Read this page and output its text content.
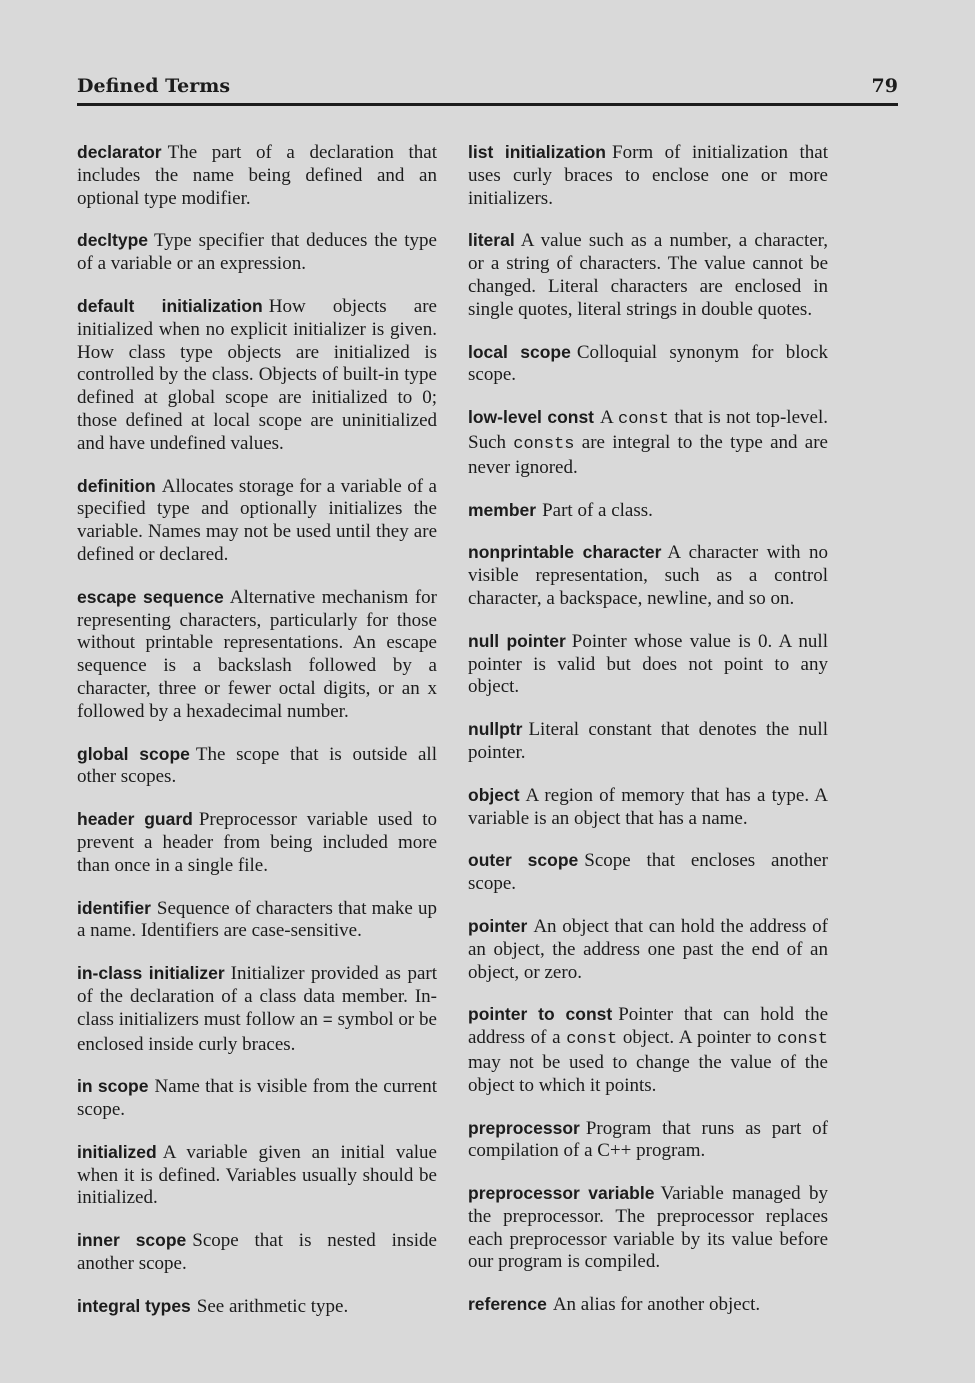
Defined Terms	79

declarator The part of a declaration that includes the name being defined and an optional type modifier.

decltype Type specifier that deduces the type of a variable or an expression.

default initialization How objects are initialized when no explicit initializer is given. How class type objects are initialized is controlled by the class. Objects of built-in type defined at global scope are initialized to 0; those defined at local scope are uninitialized and have undefined values.

definition Allocates storage for a variable of a specified type and optionally initializes the variable. Names may not be used until they are defined or declared.

escape sequence Alternative mechanism for representing characters, particularly for those without printable representations. An escape sequence is a backslash followed by a character, three or fewer octal digits, or an x followed by a hexadecimal number.

global scope The scope that is outside all other scopes.

header guard Preprocessor variable used to prevent a header from being included more than once in a single file.

identifier Sequence of characters that make up a name. Identifiers are case-sensitive.

in-class initializer Initializer provided as part of the declaration of a class data member. In-class initializers must follow an = symbol or be enclosed inside curly braces.

in scope Name that is visible from the current scope.

initialized A variable given an initial value when it is defined. Variables usually should be initialized.

inner scope Scope that is nested inside another scope.

integral types See arithmetic type.

list initialization Form of initialization that uses curly braces to enclose one or more initializers.

literal A value such as a number, a character, or a string of characters. The value cannot be changed. Literal characters are enclosed in single quotes, literal strings in double quotes.

local scope Colloquial synonym for block scope.

low-level const A const that is not top-level. Such consts are integral to the type and are never ignored.

member Part of a class.

nonprintable character A character with no visible representation, such as a control character, a backspace, newline, and so on.

null pointer Pointer whose value is 0. A null pointer is valid but does not point to any object.

nullptr Literal constant that denotes the null pointer.

object A region of memory that has a type. A variable is an object that has a name.

outer scope Scope that encloses another scope.

pointer An object that can hold the address of an object, the address one past the end of an object, or zero.

pointer to const Pointer that can hold the address of a const object. A pointer to const may not be used to change the value of the object to which it points.

preprocessor Program that runs as part of compilation of a C++ program.

preprocessor variable Variable managed by the preprocessor. The preprocessor replaces each preprocessor variable by its value before our program is compiled.

reference An alias for another object.
